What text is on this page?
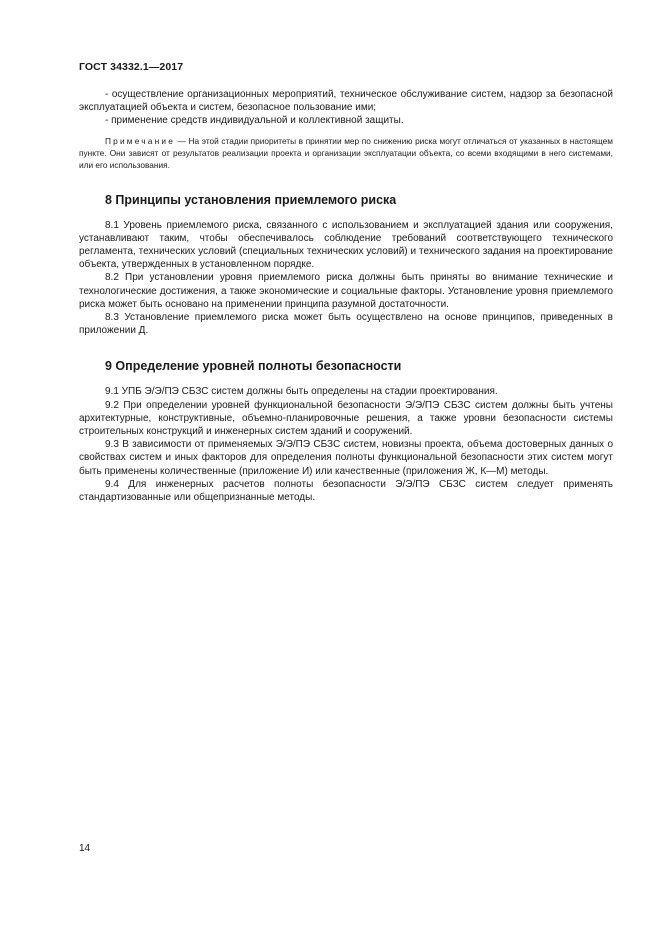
ГОСТ 34332.1—2017

- осуществление организационных мероприятий, техническое обслуживание систем, надзор за безопасной эксплуатацией объекта и систем, безопасное пользование ими;

- применение средств индивидуальной и коллективной защиты.

Примечание — На этой стадии приоритеты в принятии мер по снижению риска могут отличаться от указанных в настоящем пункте. Они зависят от результатов реализации проекта и организации эксплуатации объекта, со всеми входящими в него системами, или его использования.

8 Принципы установления приемлемого риска

8.1 Уровень приемлемого риска, связанного с использованием и эксплуатацией здания или сооружения, устанавливают таким, чтобы обеспечивалось соблюдение требований соответствующего технического регламента, технических условий (специальных технических условий) и технического задания на проектирование объекта, утвержденных в установленном порядке.

8.2 При установлении уровня приемлемого риска должны быть приняты во внимание технические и технологические достижения, а также экономические и социальные факторы. Установление уровня приемлемого риска может быть основано на применении принципа разумной достаточности.

8.3 Установление приемлемого риска может быть осуществлено на основе принципов, приведенных в приложении Д.

9 Определение уровней полноты безопасности

9.1 УПБ Э/Э/ПЭ СБЗС систем должны быть определены на стадии проектирования.

9.2 При определении уровней функциональной безопасности Э/Э/ПЭ СБЗС систем должны быть учтены архитектурные, конструктивные, объемно-планировочные решения, а также уровни безопасности системы строительных конструкций и инженерных систем зданий и сооружений.

9.3 В зависимости от применяемых Э/Э/ПЭ СБЗС систем, новизны проекта, объема достоверных данных о свойствах систем и иных факторов для определения полноты функциональной безопасности этих систем могут быть применены количественные (приложение И) или качественные (приложения Ж, К—М) методы.

9.4 Для инженерных расчетов полноты безопасности Э/Э/ПЭ СБЗС систем следует применять стандартизованные или общепризнанные методы.

14
